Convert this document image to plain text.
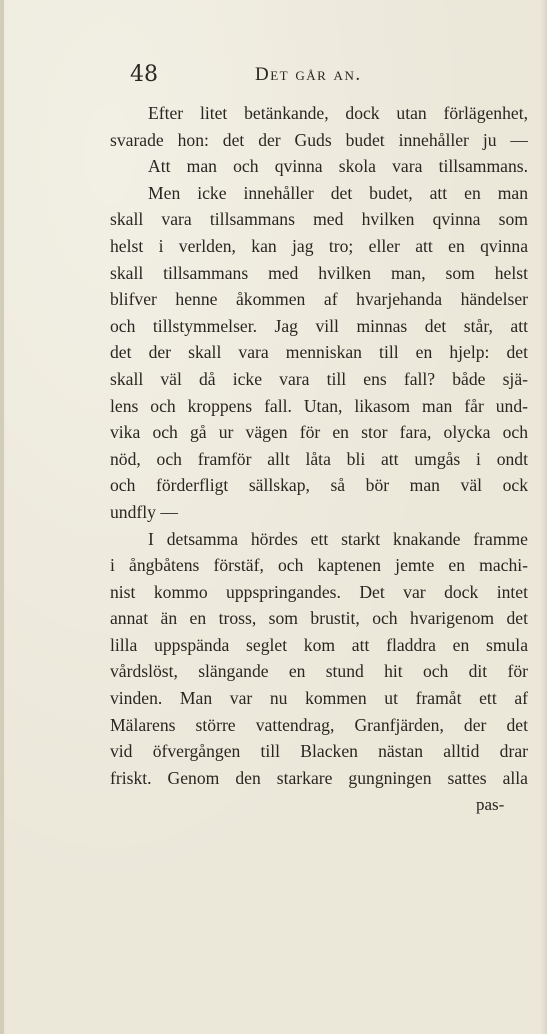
48	Det går an.
Efter litet betänkande, dock utan förlägenhet,
svarade hon: det der Guds budet innehåller ju —
Att man och qvinna skola vara tillsammans.
Men icke innehåller det budet, att en man
skall vara tillsammans med hvilken qvinna som
helst i verlden, kan jag tro; eller att en qvinna
skall tillsammans med hvilken man, som helst
blifver henne åkommen af hvarjehanda händelser
och tillstymmelser. Jag vill minnas det står, att
det der skall vara menniskan till en hjelp: det
skall väl då icke vara till ens fall? både sjä-
lens och kroppens fall. Utan, likasom man får und-
vika och gå ur vägen för en stor fara, olycka och
nöd, och framför allt låta bli att umgås i ondt
och förderfligt sällskap, så bör man väl ock
undfly —
I detsamma hördes ett starkt knakande framme
i ångbåtens förstäf, och kaptenen jemte en machi-
nist kommo uppspringandes. Det var dock intet
annat än en tross, som brustit, och hvarigenom det
lilla uppspända seglet kom att fladdra en smula
vårdslöst, slängande en stund hit och dit för
vinden. Man var nu kommen ut framåt ett af
Mälarens större vattendrag, Granfjärden, der det
vid öfvergången till Blacken nästan alltid drar
friskt. Genom den starkare gungningen sattes alla
pas-
